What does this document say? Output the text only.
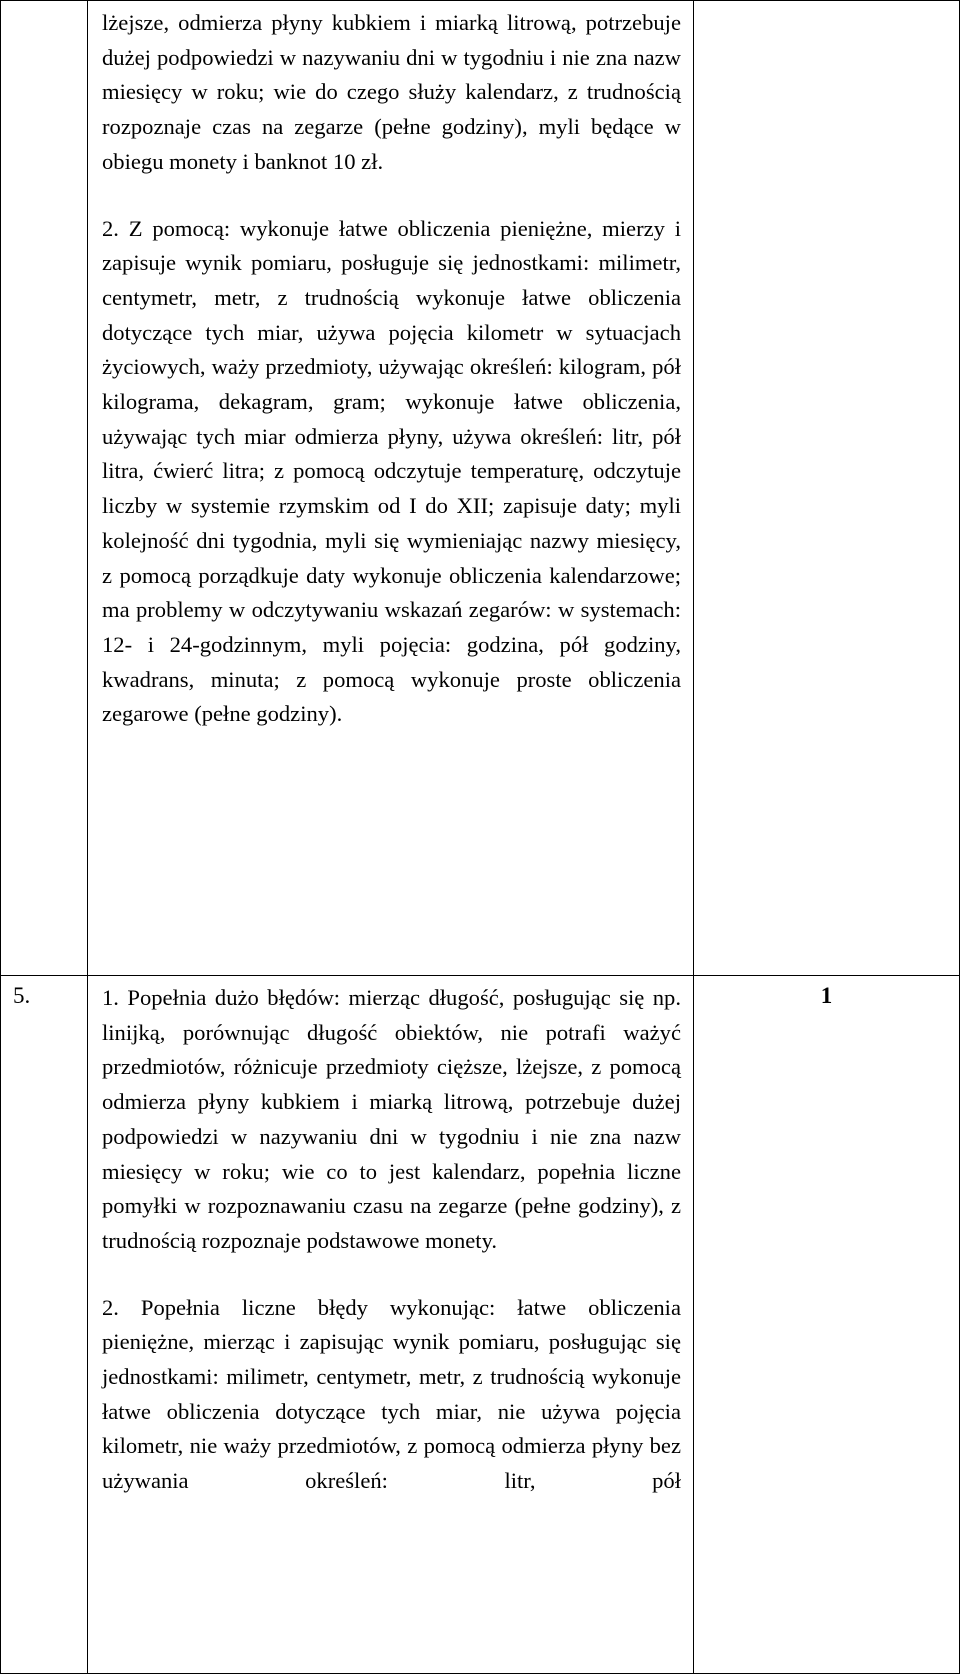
	lżejsze, odmierza płyny kubkiem i miarką litrową, potrzebuje dużej podpowiedzi w nazywaniu dni w tygodniu i nie zna nazw miesięcy w roku; wie do czego służy kalendarz, z trudnością rozpoznaje czas na zegarze (pełne godziny), myli będące w obiegu monety i banknot 10 zł.

2. Z pomocą: wykonuje łatwe obliczenia pieniężne, mierzy i zapisuje wynik pomiaru, posługuje się jednostkami: milimetr, centymetr, metr, z trudnością wykonuje łatwe obliczenia dotyczące tych miar, używa pojęcia kilometr w sytuacjach życiowych, waży przedmioty, używając określeń: kilogram, pół kilograma, dekagram, gram; wykonuje łatwe obliczenia, używając tych miar odmierza płyny, używa określeń: litr, pół litra, ćwierć litra; z pomocą odczytuje temperaturę, odczytuje liczby w systemie rzymskim od I do XII; zapisuje daty; myli kolejność dni tygodnia, myli się wymieniając nazwy miesięcy, z pomocą porządkuje daty wykonuje obliczenia kalendarzowe; ma problemy w odczytywaniu wskazań zegarów: w systemach: 12- i 24-godzinnym, myli pojęcia: godzina, pół godziny, kwadrans, minuta; z pomocą wykonuje proste obliczenia zegarowe (pełne godziny).	

5.	1. Popełnia dużo błędów: mierząc długość, posługując się np. linijką, porównując długość obiektów, nie potrafi ważyć przedmiotów, różnicuje przedmioty cięższe, lżejsze, z pomocą odmierza płyny kubkiem i miarką litrową, potrzebuje dużej podpowiedzi w nazywaniu dni w tygodniu i nie zna nazw miesięcy w roku; wie co to jest kalendarz, popełnia liczne pomyłki w rozpoznawaniu czasu na zegarze (pełne godziny), z trudnością rozpoznaje podstawowe monety.

2. Popełnia liczne błędy wykonując: łatwe obliczenia pieniężne, mierząc i zapisując wynik pomiaru, posługując się jednostkami: milimetr, centymetr, metr, z trudnością wykonuje łatwe obliczenia dotyczące tych miar, nie używa pojęcia kilometr, nie waży przedmiotów, z pomocą odmierza płyny bez używania określeń: litr, pół	1
